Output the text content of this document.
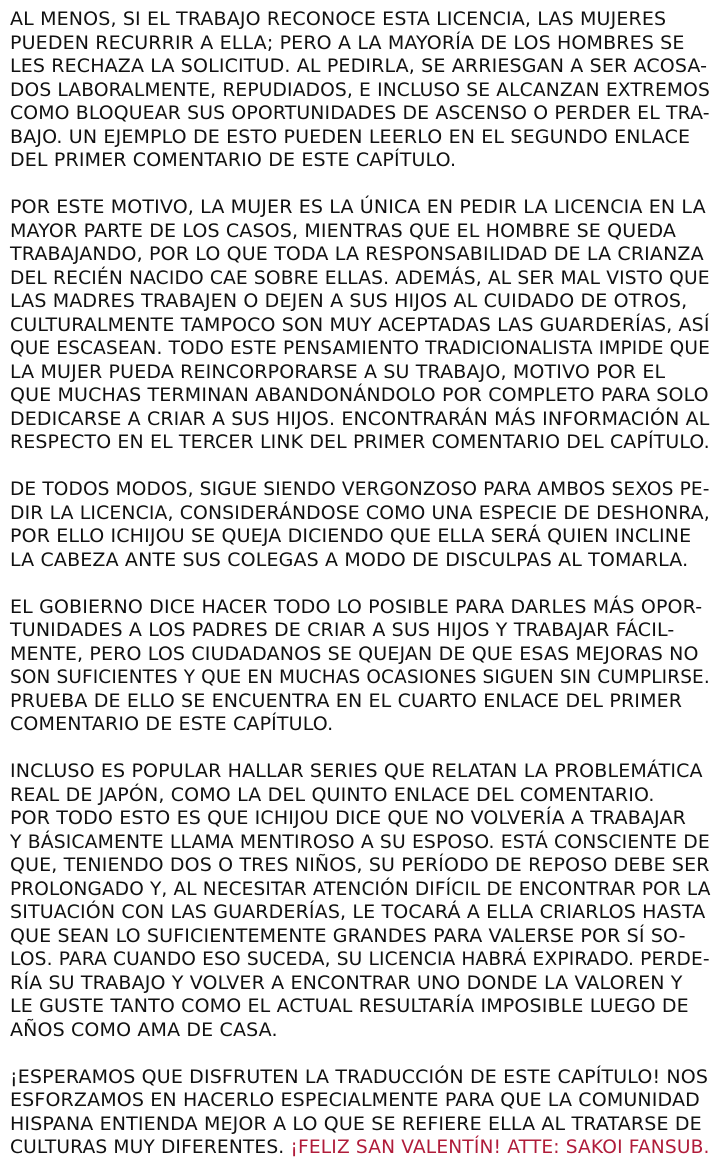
AL MENOS, SI EL TRABAJO RECONOCE ESTA LICENCIA, LAS MUJERES
PUEDEN RECURRIR A ELLA; PERO A LA MAYORÍA DE LOS HOMBRES SE
LES RECHAZA LA SOLICITUD. AL PEDIRLA, SE ARRIESGAN A SER ACOSA-
DOS LABORALMENTE, REPUDIADOS, E INCLUSO SE ALCANZAN EXTREMOS
COMO BLOQUEAR SUS OPORTUNIDADES DE ASCENSO O PERDER EL TRA-
BAJO. UN EJEMPLO DE ESTO PUEDEN LEERLO EN EL SEGUNDO ENLACE
DEL PRIMER COMENTARIO DE ESTE CAPÍTULO.
POR ESTE MOTIVO, LA MUJER ES LA ÚNICA EN PEDIR LA LICENCIA EN LA
MAYOR PARTE DE LOS CASOS, MIENTRAS QUE EL HOMBRE SE QUEDA
TRABAJANDO, POR LO QUE TODA LA RESPONSABILIDAD DE LA CRIANZA
DEL RECIÉN NACIDO CAE SOBRE ELLAS. ADEMÁS, AL SER MAL VISTO QUE
LAS MADRES TRABAJEN O DEJEN A SUS HIJOS AL CUIDADO DE OTROS,
CULTURALMENTE TAMPOCO SON MUY ACEPTADAS LAS GUARDERÍAS, ASÍ
QUE ESCASEAN. TODO ESTE PENSAMIENTO TRADICIONALISTA IMPIDE QUE
LA MUJER PUEDA REINCORPORARSE A SU TRABAJO, MOTIVO POR EL
QUE MUCHAS TERMINAN ABANDONÁNDOLO POR COMPLETO PARA SOLO
DEDICARSE A CRIAR A SUS HIJOS. ENCONTRARÁN MÁS INFORMACIÓN AL
RESPECTO EN EL TERCER LINK DEL PRIMER COMENTARIO DEL CAPÍTULO.
DE TODOS MODOS, SIGUE SIENDO VERGONZOSO PARA AMBOS SEXOS PE-
DIR LA LICENCIA, CONSIDERÁNDOSE COMO UNA ESPECIE DE DESHONRA,
POR ELLO ICHIJOU SE QUEJA DICIENDO QUE ELLA SERÁ QUIEN INCLINE
LA CABEZA ANTE SUS COLEGAS A MODO DE DISCULPAS AL TOMARLA.
EL GOBIERNO DICE HACER TODO LO POSIBLE PARA DARLES MÁS OPOR-
TUNIDADES A LOS PADRES DE CRIAR A SUS HIJOS Y TRABAJAR FÁCIL-
MENTE, PERO LOS CIUDADANOS SE QUEJAN DE QUE ESAS MEJORAS NO
SON SUFICIENTES Y QUE EN MUCHAS OCASIONES SIGUEN SIN CUMPLIRSE.
PRUEBA DE ELLO SE ENCUENTRA EN EL CUARTO ENLACE DEL PRIMER
COMENTARIO DE ESTE CAPÍTULO.
INCLUSO ES POPULAR HALLAR SERIES QUE RELATAN LA PROBLEMÁTICA
REAL DE JAPÓN, COMO LA DEL QUINTO ENLACE DEL COMENTARIO.
POR TODO ESTO ES QUE ICHIJOU DICE QUE NO VOLVERÍA A TRABAJAR
Y BÁSICAMENTE LLAMA MENTIROSO A SU ESPOSO. ESTÁ CONSCIENTE DE
QUE, TENIENDO DOS O TRES NIÑOS, SU PERÍODO DE REPOSO DEBE SER
PROLONGADO Y, AL NECESITAR ATENCIÓN DIFÍCIL DE ENCONTRAR POR LA
SITUACIÓN CON LAS GUARDERÍAS, LE TOCARÁ A ELLA CRIARLOS HASTA
QUE SEAN LO SUFICIENTEMENTE GRANDES PARA VALERSE POR SÍ SO-
LOS. PARA CUANDO ESO SUCEDA, SU LICENCIA HABRÁ EXPIRADO. PERDE-
RÍA SU TRABAJO Y VOLVER A ENCONTRAR UNO DONDE LA VALOREN Y
LE GUSTE TANTO COMO EL ACTUAL RESULTARÍA IMPOSIBLE LUEGO DE
AÑOS COMO AMA DE CASA.
¡ESPERAMOS QUE DISFRUTEN LA TRADUCCIÓN DE ESTE CAPÍTULO! NOS
ESFORZAMOS EN HACERLO ESPECIALMENTE PARA QUE LA COMUNIDAD
HISPANA ENTIENDA MEJOR A LO QUE SE REFIERE ELLA AL TRATARSE DE
CULTURAS MUY DIFERENTES. ¡FELIZ SAN VALENTÍN! ATTE: SAKOI FANSUB.
